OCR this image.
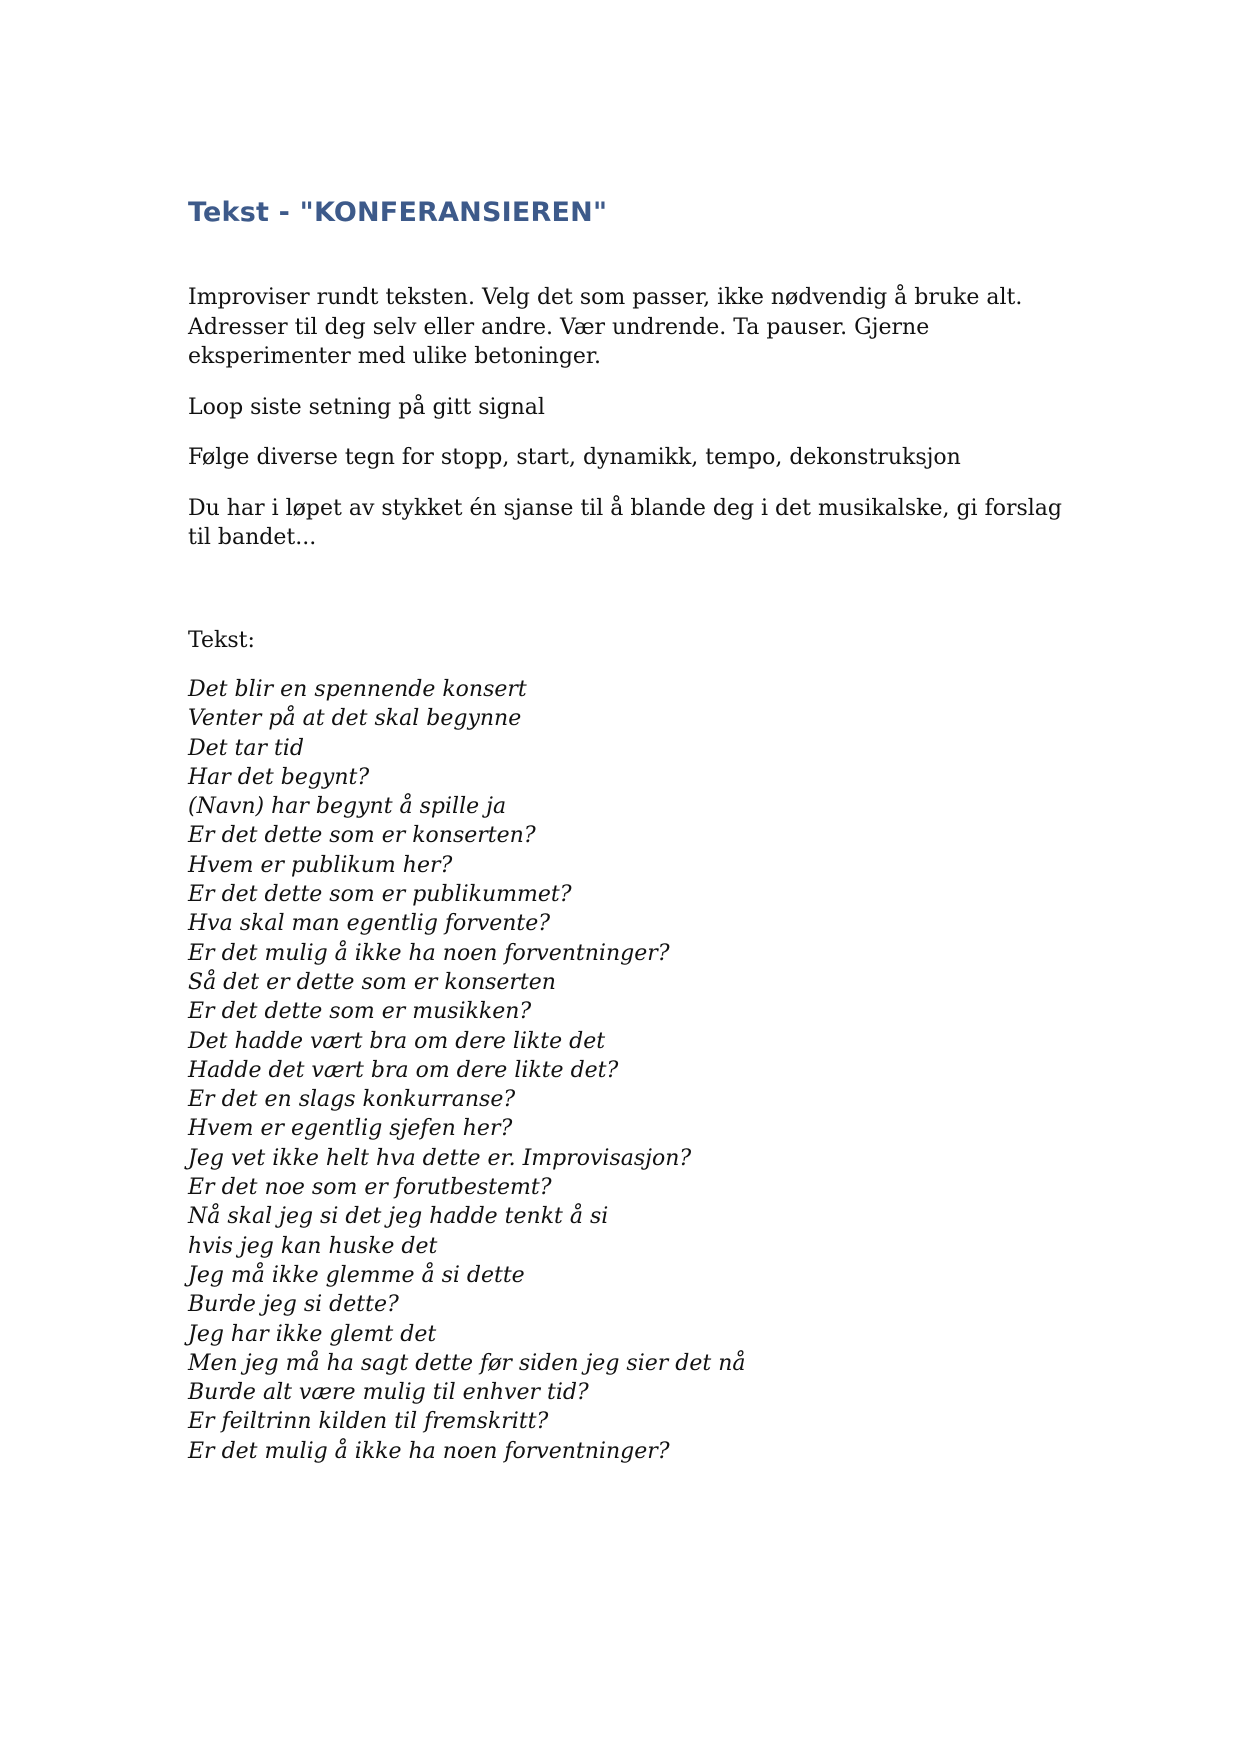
Tekst - "KONFERANSIEREN"

Improviser rundt teksten. Velg det som passer, ikke nødvendig å bruke alt. Adresser til deg selv eller andre. Vær undrende. Ta pauser. Gjerne eksperimenter med ulike betoninger.

Loop siste setning på gitt signal

Følge diverse tegn for stopp, start, dynamikk, tempo, dekonstruksjon

Du har i løpet av stykket én sjanse til å blande deg i det musikalske, gi forslag til bandet...

Tekst:
Det blir en spennende konsert
Venter på at det skal begynne
Det tar tid
Har det begynt?
(Navn) har begynt å spille ja
Er det dette som er konserten?
Hvem er publikum her?
Er det dette som er publikummet?
Hva skal man egentlig forvente?
Er det mulig å ikke ha noen forventninger?
Så det er dette som er konserten
Er det dette som er musikken?
Det hadde vært bra om dere likte det
Hadde det vært bra om dere likte det?
Er det en slags konkurranse?
Hvem er egentlig sjefen her?
Jeg vet ikke helt hva dette er. Improvisasjon?
Er det noe som er forutbestemt?
Nå skal jeg si det jeg hadde tenkt å si
hvis jeg kan huske det
Jeg må ikke glemme å si dette
Burde jeg si dette?
Jeg har ikke glemt det
Men jeg må ha sagt dette før siden jeg sier det nå
Burde alt være mulig til enhver tid?
Er feiltrinn kilden til fremskritt?
Er det mulig å ikke ha noen forventninger?
